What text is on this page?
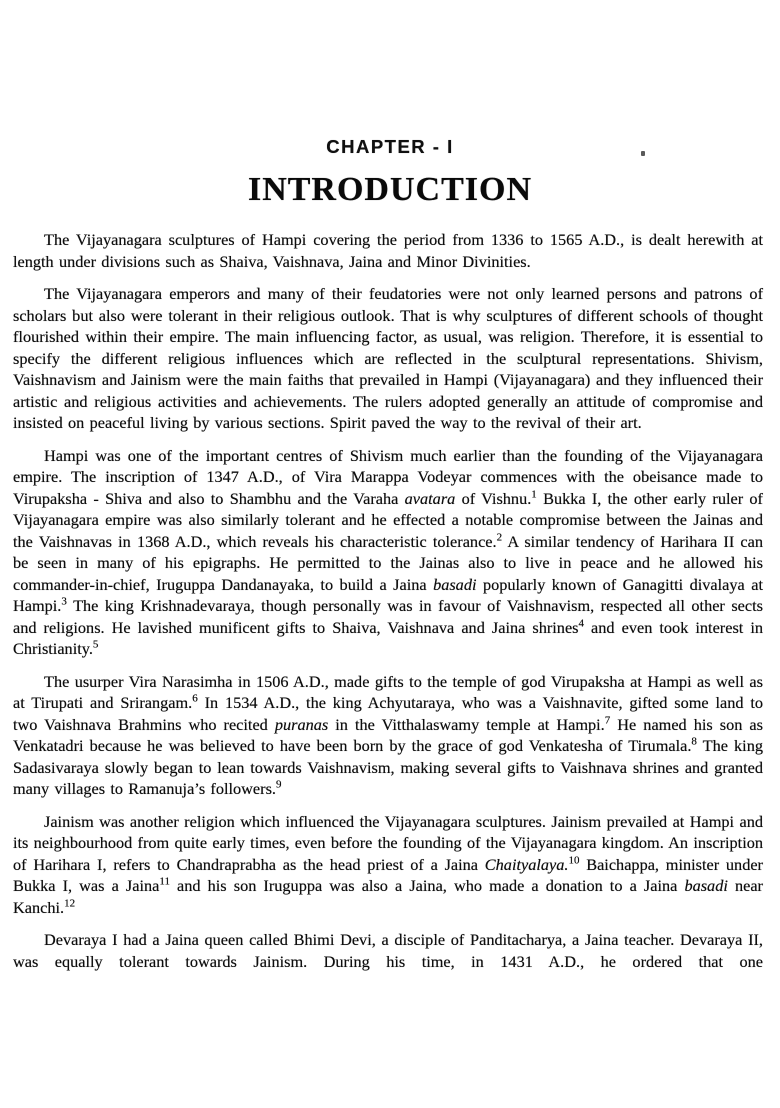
CHAPTER - I
INTRODUCTION

The Vijayanagara sculptures of Hampi covering the period from 1336 to 1565 A.D., is dealt herewith at length under divisions such as Shaiva, Vaishnava, Jaina and Minor Divinities.

The Vijayanagara emperors and many of their feudatories were not only learned persons and patrons of scholars but also were tolerant in their religious outlook. That is why sculptures of different schools of thought flourished within their empire. The main influencing factor, as usual, was religion. Therefore, it is essential to specify the different religious influences which are reflected in the sculptural representations. Shivism, Vaishnavism and Jainism were the main faiths that prevailed in Hampi (Vijayanagara) and they influenced their artistic and religious activities and achievements. The rulers adopted generally an attitude of compromise and insisted on peaceful living by various sections. Spirit paved the way to the revival of their art.

Hampi was one of the important centres of Shivism much earlier than the founding of the Vijayanagara empire. The inscription of 1347 A.D., of Vira Marappa Vodeyar commences with the obeisance made to Virupaksha - Shiva and also to Shambhu and the Varaha avatara of Vishnu.$^1$ Bukka I, the other early ruler of Vijayanagara empire was also similarly tolerant and he effected a notable compromise between the Jainas and the Vaishnavas in 1368 A.D., which reveals his characteristic tolerance.$^2$ A similar tendency of Harihara II can be seen in many of his epigraphs. He permitted to the Jainas also to live in peace and he allowed his commander-in-chief, Iruguppa Dandanayaka, to build a Jaina basadi popularly known of Ganagitti divalaya at Hampi.$^3$ The king Krishnadevaraya, though personally was in favour of Vaishnavism, respected all other sects and religions. He lavished munificent gifts to Shaiva, Vaishnava and Jaina shrines$^4$ and even took interest in Christianity.$^5$

The usurper Vira Narasimha in 1506 A.D., made gifts to the temple of god Virupaksha at Hampi as well as at Tirupati and Srirangam.$^6$ In 1534 A.D., the king Achyutaraya, who was a Vaishnavite, gifted some land to two Vaishnava Brahmins who recited puranas in the Vitthalaswamy temple at Hampi.$^7$ He named his son as Venkatadri because he was believed to have been born by the grace of god Venkatesha of Tirumala.$^8$ The king Sadasivaraya slowly began to lean towards Vaishnavism, making several gifts to Vaishnava shrines and granted many villages to Ramanuja’s followers.$^9$

Jainism was another religion which influenced the Vijayanagara sculptures. Jainism prevailed at Hampi and its neighbourhood from quite early times, even before the founding of the Vijayanagara kingdom. An inscription of Harihara I, refers to Chandraprabha as the head priest of a Jaina Chaityalaya.$^{10}$ Baichappa, minister under Bukka I, was a Jaina$^{11}$ and his son Iruguppa was also a Jaina, who made a donation to a Jaina basadi near Kanchi.$^{12}$

Devaraya I had a Jaina queen called Bhimi Devi, a disciple of Panditacharya, a Jaina teacher. Devaraya II, was equally tolerant towards Jainism. During his time, in 1431 A.D., he ordered that one
